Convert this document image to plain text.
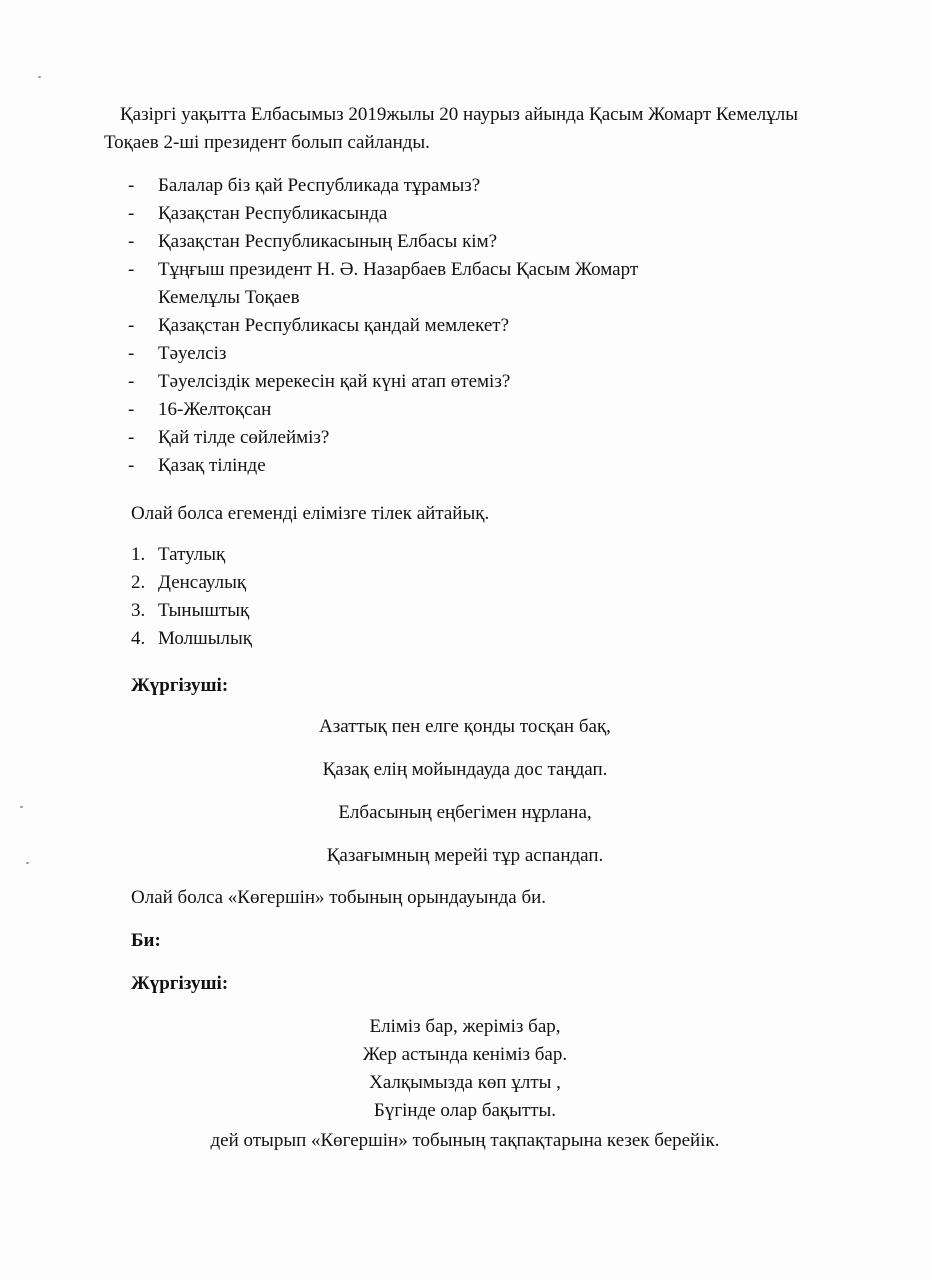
Қазіргі уақытта Елбасымыз 2019жылы 20 наурыз айында Қасым Жомарт Кемелұлы Тоқаев 2-ші президент болып сайланды.

- Балалар біз қай Республикада тұрамыз?
- Қазақстан Республикасында
- Қазақстан Республикасының Елбасы кім?
- Тұңғыш президент Н. Ә. Назарбаев Елбасы Қасым Жомарт Кемелұлы Тоқаев
- Қазақстан Республикасы қандай мемлекет?
- Тәуелсіз
- Тәуелсіздік мерекесін қай күні атап өтеміз?
- 16-Желтоқсан
- Қай тілде сөйлейміз?
- Қазақ тілінде

Олай болса егеменді елімізге тілек айтайық.

1. Татулық
2. Денсаулық
3. Тыныштық
4. Молшылық

Жүргізуші:

Азаттық пен елге қонды тосқан бақ,

Қазақ елің мойындауда дос таңдап.

Елбасының еңбегімен нұрлана,

Қазағымның мерейі тұр аспандап.

Олай болса «Көгершін» тобының орындауында би.

Би:

Жүргізуші:

Еліміз бар, жеріміз бар,

Жер астында кеніміз бар.

Халқымызда көп ұлты ,

Бүгінде олар бақытты.

дей отырып «Көгершін» тобының тақпақтарына кезек берейік.
